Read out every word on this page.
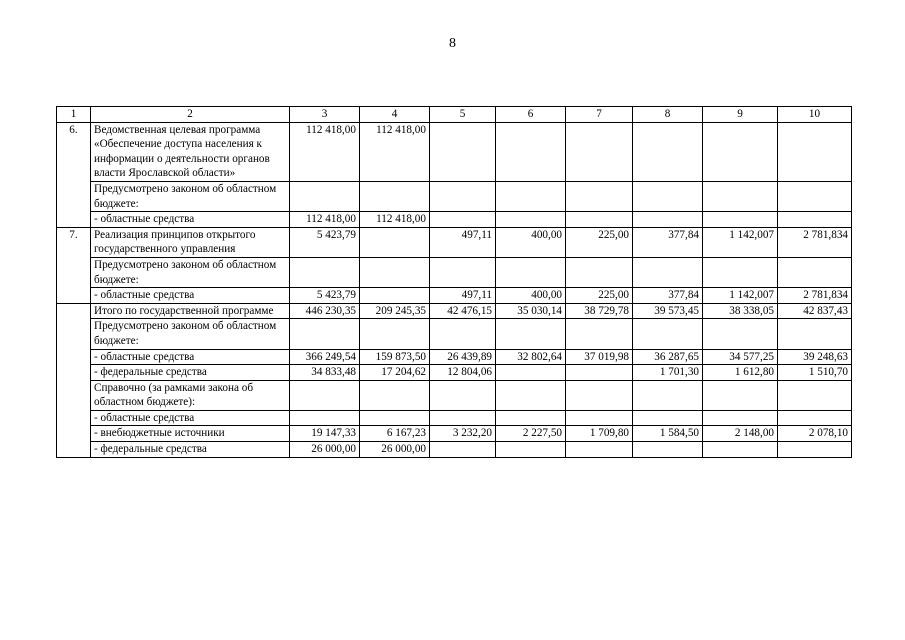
8
1	2	3	4	5	6	7	8	9	10
6.	Ведомственная целевая программа «Обеспечение доступа населения к информации о деятельности органов власти Ярославской области»	112 418,00	112 418,00						
	Предусмотрено законом об областном бюджете:								
	- областные средства	112 418,00	112 418,00						
7.	Реализация принципов открытого государственного управления	5 423,79		497,11	400,00	225,00	377,84	1 142,007	2 781,834
	Предусмотрено законом об областном бюджете:								
	- областные средства	5 423,79		497,11	400,00	225,00	377,84	1 142,007	2 781,834
	Итого по государственной программе	446 230,35	209 245,35	42 476,15	35 030,14	38 729,78	39 573,45	38 338,05	42 837,43
	Предусмотрено законом об областном бюджете:								
	- областные средства	366 249,54	159 873,50	26 439,89	32 802,64	37 019,98	36 287,65	34 577,25	39 248,63
	- федеральные средства	34 833,48	17 204,62	12 804,06			1 701,30	1 612,80	1 510,70
	Справочно (за рамками закона об областном бюджете):								
	- областные средства								
	- внебюджетные источники	19 147,33	6 167,23	3 232,20	2 227,50	1 709,80	1 584,50	2 148,00	2 078,10
	- федеральные средства	26 000,00	26 000,00						
